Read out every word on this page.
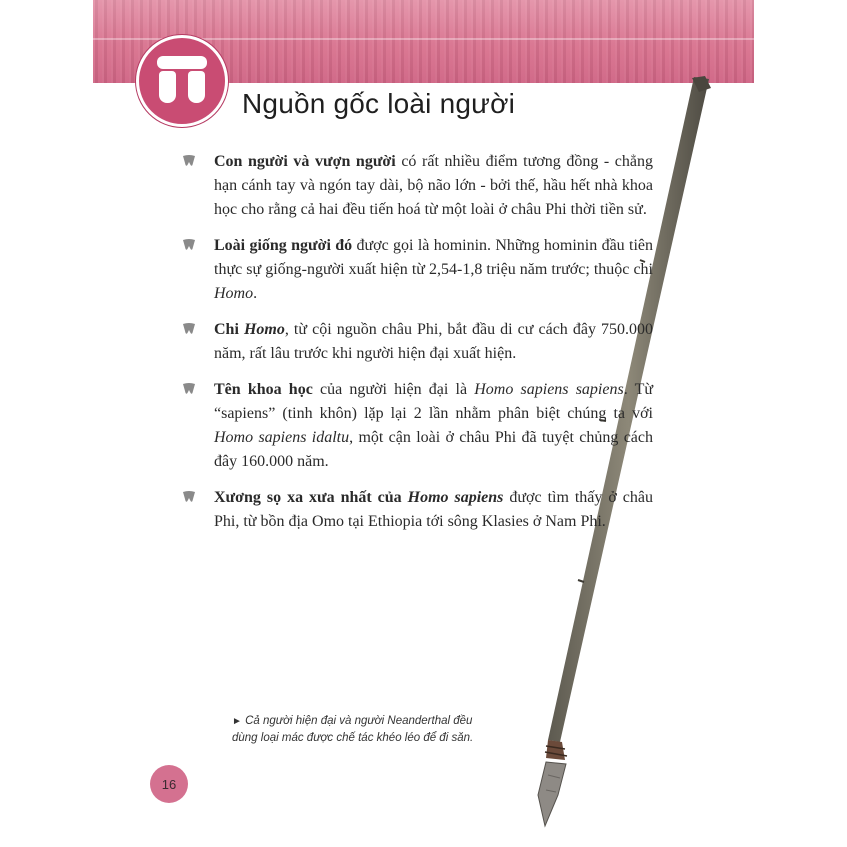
Nguồn gốc loài người
Con người và vượn người có rất nhiều điểm tương đồng - chẳng hạn cánh tay và ngón tay dài, bộ não lớn - bởi thế, hầu hết nhà khoa học cho rằng cả hai đều tiến hoá từ một loài ở châu Phi thời tiền sử.
Loài giống người đó được gọi là hominin. Những hominin đầu tiên thực sự giống-người xuất hiện từ 2,54-1,8 triệu năm trước; thuộc chi Homo.
Chi Homo, từ cội nguồn châu Phi, bắt đầu di cư cách đây 750.000 năm, rất lâu trước khi người hiện đại xuất hiện.
Tên khoa học của người hiện đại là Homo sapiens sapiens. Từ “sapiens” (tinh khôn) lặp lại 2 lần nhằm phân biệt chúng ta với Homo sapiens idaltu, một cận loài ở châu Phi đã tuyệt chủng cách đây 160.000 năm.
Xương sọ xa xưa nhất của Homo sapiens được tìm thấy ở châu Phi, từ bồn địa Omo tại Ethiopia tới sông Klasies ở Nam Phi.
► Cả người hiện đại và người Neanderthal đều dùng loại mác được chế tác khéo léo để đi săn.
16
